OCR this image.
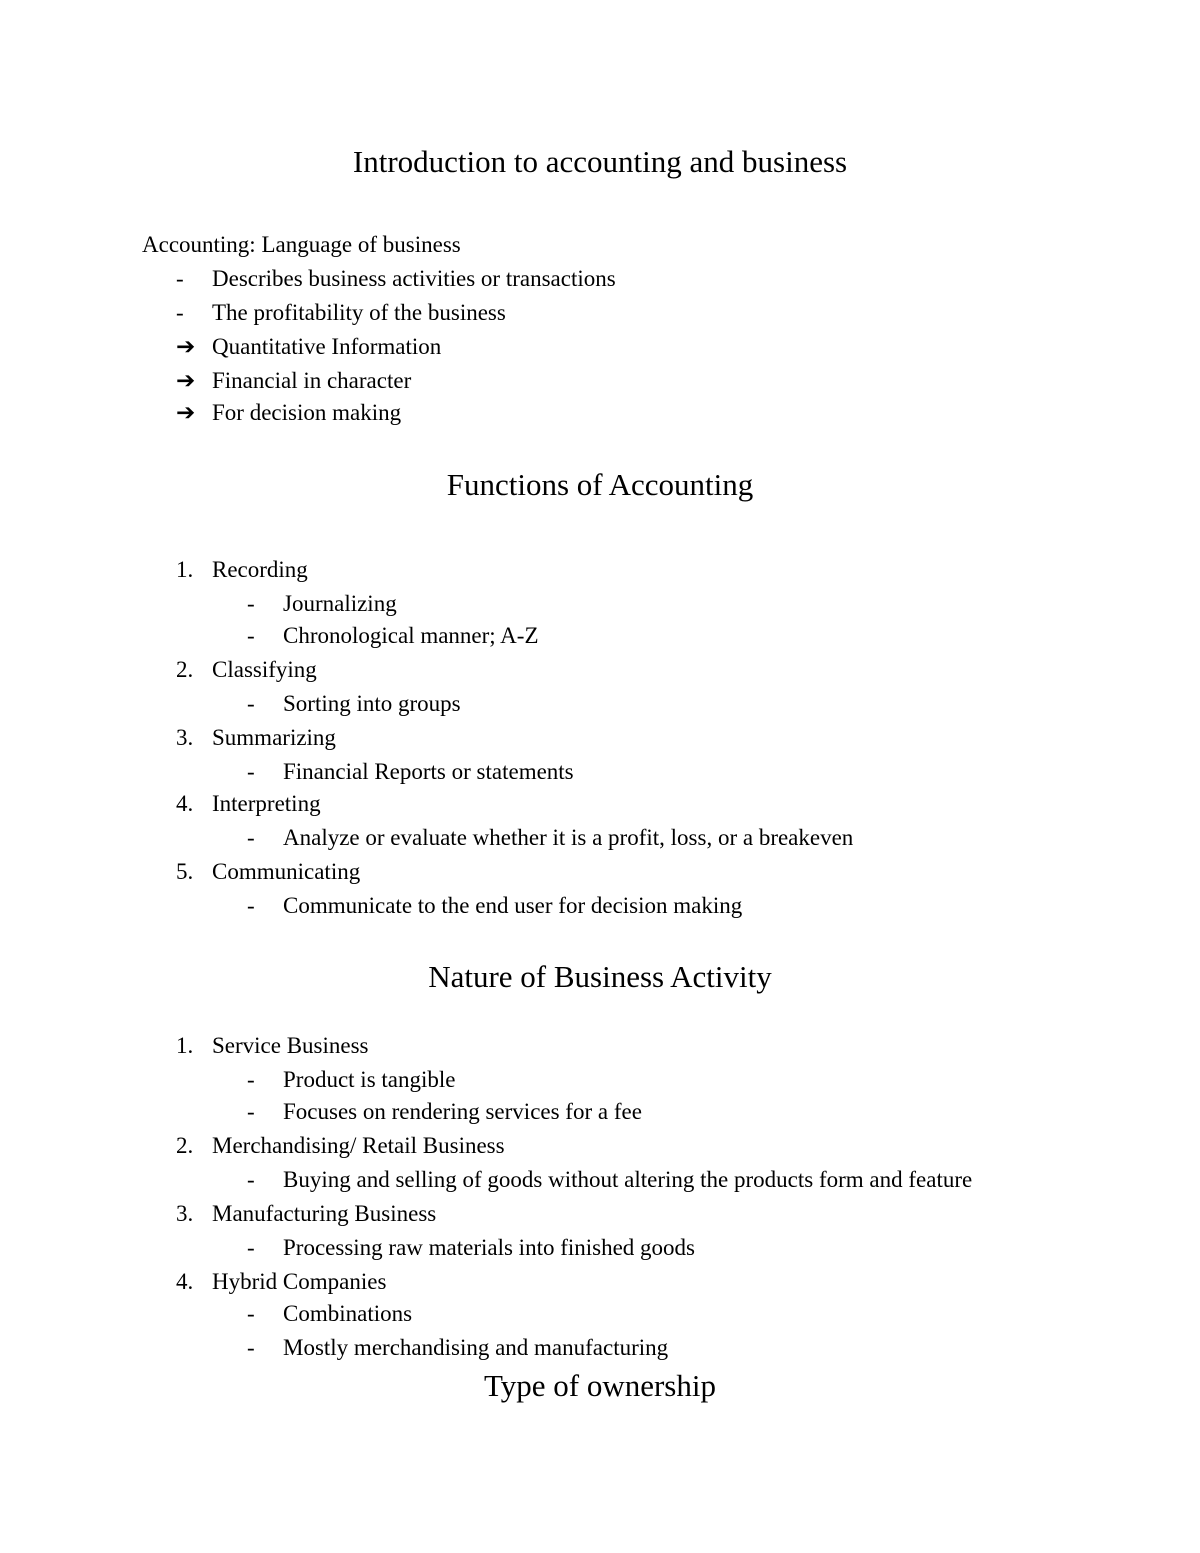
Introduction to accounting and business
Accounting: Language of business
- Describes business activities or transactions
- The profitability of the business
➔ Quantitative Information
➔ Financial in character
➔ For decision making
Functions of Accounting
1. Recording
- Journalizing
- Chronological manner; A-Z
2. Classifying
- Sorting into groups
3. Summarizing
- Financial Reports or statements
4. Interpreting
- Analyze or evaluate whether it is a profit, loss, or a breakeven
5. Communicating
- Communicate to the end user for decision making
Nature of Business Activity
1. Service Business
- Product is tangible
- Focuses on rendering services for a fee
2. Merchandising/ Retail Business
- Buying and selling of goods without altering the products form and feature
3. Manufacturing Business
- Processing raw materials into finished goods
4. Hybrid Companies
- Combinations
- Mostly merchandising and manufacturing
Type of ownership
